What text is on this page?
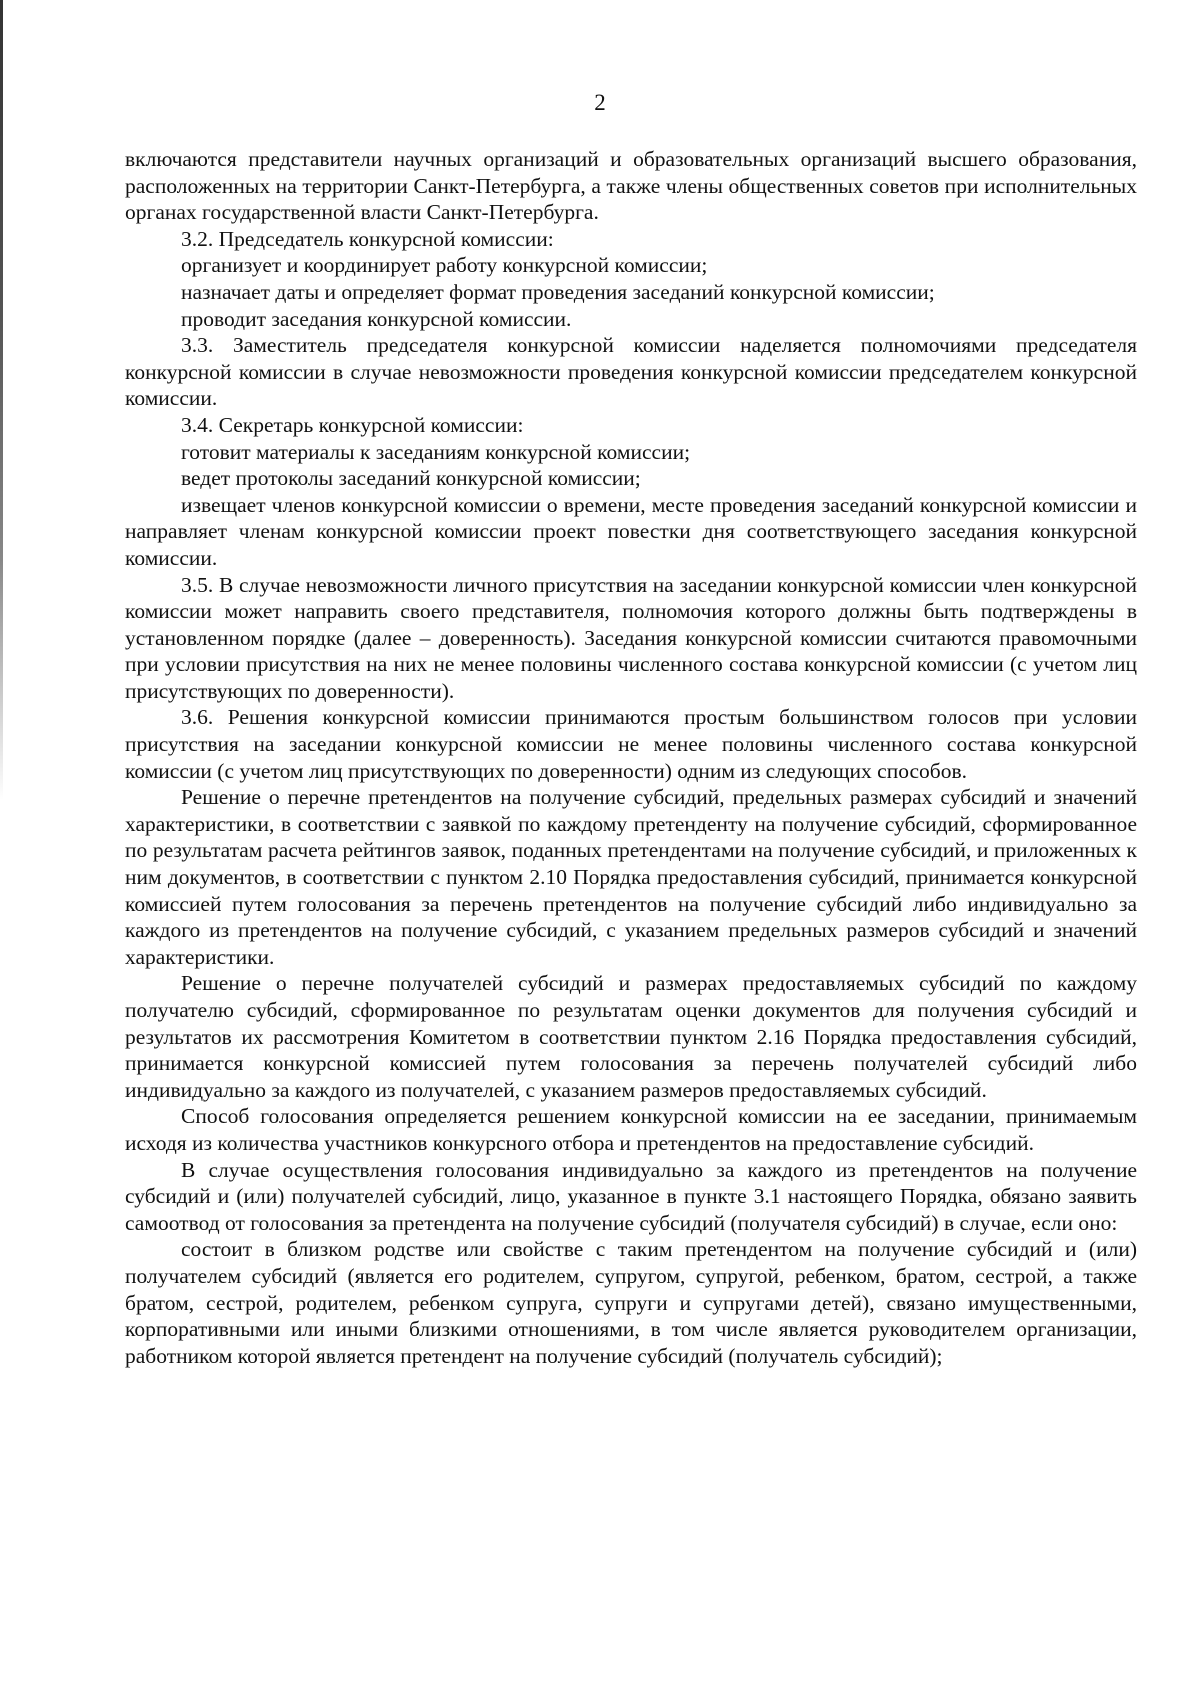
2

включаются представители научных организаций и образовательных организаций высшего образования, расположенных на территории Санкт-Петербурга, а также члены общественных советов при исполнительных органах государственной власти Санкт-Петербурга.

3.2. Председатель конкурсной комиссии:

организует и координирует работу конкурсной комиссии;

назначает даты и определяет формат проведения заседаний конкурсной комиссии;

проводит заседания конкурсной комиссии.

3.3. Заместитель председателя конкурсной комиссии наделяется полномочиями председателя конкурсной комиссии в случае невозможности проведения конкурсной комиссии председателем конкурсной комиссии.

3.4. Секретарь конкурсной комиссии:

готовит материалы к заседаниям конкурсной комиссии;

ведет протоколы заседаний конкурсной комиссии;

извещает членов конкурсной комиссии о времени, месте проведения заседаний конкурсной комиссии и направляет членам конкурсной комиссии проект повестки дня соответствующего заседания конкурсной комиссии.

3.5. В случае невозможности личного присутствия на заседании конкурсной комиссии член конкурсной комиссии может направить своего представителя, полномочия которого должны быть подтверждены в установленном порядке (далее – доверенность). Заседания конкурсной комиссии считаются правомочными при условии присутствия на них не менее половины численного состава конкурсной комиссии (с учетом лиц присутствующих по доверенности).

3.6. Решения конкурсной комиссии принимаются простым большинством голосов при условии присутствия на заседании конкурсной комиссии не менее половины численного состава конкурсной комиссии (с учетом лиц присутствующих по доверенности) одним из следующих способов.

Решение о перечне претендентов на получение субсидий, предельных размерах субсидий и значений характеристики, в соответствии с заявкой по каждому претенденту на получение субсидий, сформированное по результатам расчета рейтингов заявок, поданных претендентами на получение субсидий, и приложенных к ним документов, в соответствии с пунктом 2.10 Порядка предоставления субсидий, принимается конкурсной комиссией путем голосования за перечень претендентов на получение субсидий либо индивидуально за каждого из претендентов на получение субсидий, с указанием предельных размеров субсидий и значений характеристики.

Решение о перечне получателей субсидий и размерах предоставляемых субсидий по каждому получателю субсидий, сформированное по результатам оценки документов для получения субсидий и результатов их рассмотрения Комитетом в соответствии пунктом 2.16 Порядка предоставления субсидий, принимается конкурсной комиссией путем голосования за перечень получателей субсидий либо индивидуально за каждого из получателей, с указанием размеров предоставляемых субсидий.

Способ голосования определяется решением конкурсной комиссии на ее заседании, принимаемым исходя из количества участников конкурсного отбора и претендентов на предоставление субсидий.

В случае осуществления голосования индивидуально за каждого из претендентов на получение субсидий и (или) получателей субсидий, лицо, указанное в пункте 3.1 настоящего Порядка, обязано заявить самоотвод от голосования за претендента на получение субсидий (получателя субсидий) в случае, если оно:

состоит в близком родстве или свойстве с таким претендентом на получение субсидий и (или) получателем субсидий (является его родителем, супругом, супругой, ребенком, братом, сестрой, а также братом, сестрой, родителем, ребенком супруга, супруги и супругами детей), связано имущественными, корпоративными или иными близкими отношениями, в том числе является руководителем организации, работником которой является претендент на получение субсидий (получатель субсидий);
